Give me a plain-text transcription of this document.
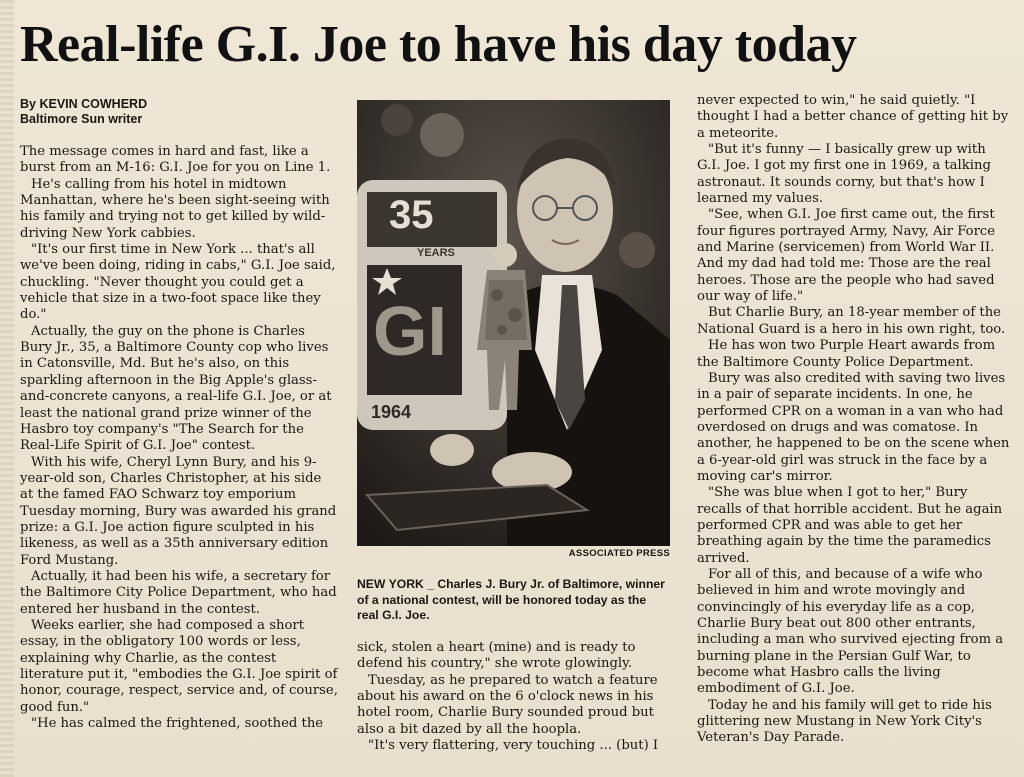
Real-life G.I. Joe to have his day today
By KEVIN COWHERD
Baltimore Sun writer

The message comes in hard and fast, like a burst from an M-16: G.I. Joe for you on Line 1.

He's calling from his hotel in midtown Manhattan, where he's been sight-seeing with his family and trying not to get killed by wild-driving New York cabbies.

"It's our first time in New York ... that's all we've been doing, riding in cabs," G.I. Joe said, chuckling. "Never thought you could get a vehicle that size in a two-foot space like they do."

Actually, the guy on the phone is Charles Bury Jr., 35, a Baltimore County cop who lives in Catonsville, Md. But he's also, on this sparkling afternoon in the Big Apple's glass-and-concrete canyons, a real-life G.I. Joe, or at least the national grand prize winner of the Hasbro toy company's "The Search for the Real-Life Spirit of G.I. Joe" contest.

With his wife, Cheryl Lynn Bury, and his 9-year-old son, Charles Christopher, at his side at the famed FAO Schwarz toy emporium Tuesday morning, Bury was awarded his grand prize: a G.I. Joe action figure sculpted in his likeness, as well as a 35th anniversary edition Ford Mustang.

Actually, it had been his wife, a secretary for the Baltimore City Police Department, who had entered her husband in the contest.

Weeks earlier, she had composed a short essay, in the obligatory 100 words or less, explaining why Charlie, as the contest literature put it, "embodies the G.I. Joe spirit of honor, courage, respect, service and, of course, good fun."

"He has calmed the frightened, soothed the

35
YEARS
GI
1964
ASSOCIATED PRESS
NEW YORK _ Charles J. Bury Jr. of Baltimore, winner of a national contest, will be honored today as the real G.I. Joe.

sick, stolen a heart (mine) and is ready to defend his country," she wrote glowingly.

Tuesday, as he prepared to watch a feature about his award on the 6 o'clock news in his hotel room, Charlie Bury sounded proud but also a bit dazed by all the hoopla.

"It's very flattering, very touching ... (but) I

never expected to win," he said quietly. "I thought I had a better chance of getting hit by a meteorite.

"But it's funny — I basically grew up with G.I. Joe. I got my first one in 1969, a talking astronaut. It sounds corny, but that's how I learned my values.

"See, when G.I. Joe first came out, the first four figures portrayed Army, Navy, Air Force and Marine (servicemen) from World War II. And my dad had told me: Those are the real heroes. Those are the people who had saved our way of life."

But Charlie Bury, an 18-year member of the National Guard is a hero in his own right, too.

He has won two Purple Heart awards from the Baltimore County Police Department.

Bury was also credited with saving two lives in a pair of separate incidents. In one, he performed CPR on a woman in a van who had overdosed on drugs and was comatose. In another, he happened to be on the scene when a 6-year-old girl was struck in the face by a moving car's mirror.

"She was blue when I got to her," Bury recalls of that horrible accident. But he again performed CPR and was able to get her breathing again by the time the paramedics arrived.

For all of this, and because of a wife who believed in him and wrote movingly and convincingly of his everyday life as a cop, Charlie Bury beat out 800 other entrants, including a man who survived ejecting from a burning plane in the Persian Gulf War, to become what Hasbro calls the living embodiment of G.I. Joe.

Today he and his family will get to ride his glittering new Mustang in New York City's Veteran's Day Parade.
